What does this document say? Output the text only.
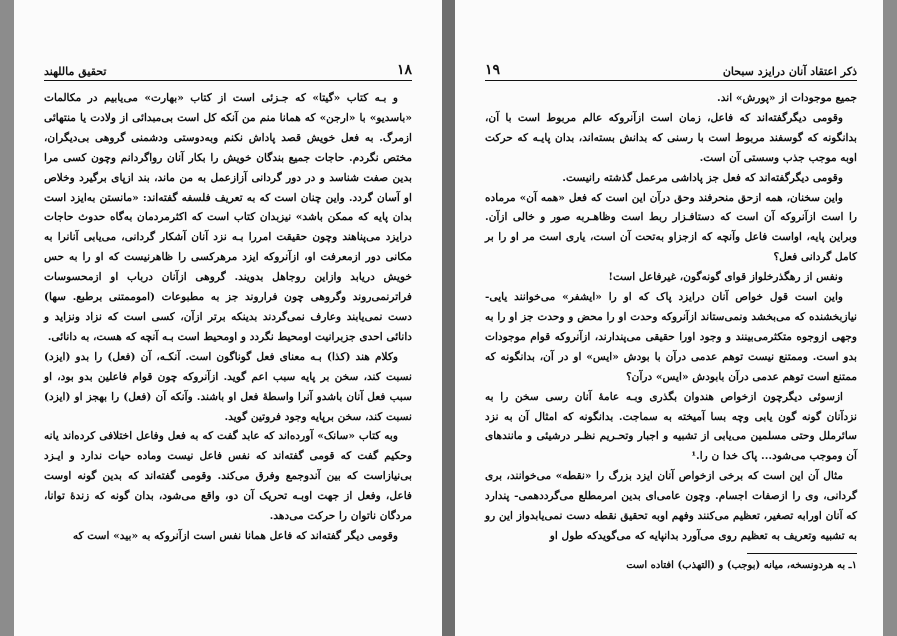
١٨
تحقیق ماللهند

و بـه کتاب «گیتا» که جـزئی است از کتاب «بهارت» می‌یابیم در مکالمات «باسدیو» با «ارجن» که همانا منم من آنکه کل است بی‌مبدائی از ولادت یا منتهائی ازمرگ. به فعل خویش قصد پاداش نکنم وبه‌دوستی ودشمنی گروهی بی‌دیگران، مختص نگردم. حاجات جمیع بندگان خویش را بکار آنان رواگردانم وچون کسی مرا بدین صفت شناسد و در دور گردانی آزازعمل به من ماند، بند ازپای برگیرد وخلاص او آسان گردد. واین چنان است که به تعریف فلسفه گفته‌اند: «مانستن به‌ایزد است بدان پایه که ممکن باشد» نیزبدان کتاب است که اکثرمردمان به‌گاه حدوث حاجات درایزد می‌پناهند وچون حقیقت امررا بـه نزد آنان آشکار گردانی، می‌یابی آنانرا به مکانی دور ازمعرفت او، ازآنروکه ایزد مرهرکسی را ظاهرنیست که او را به حس خویش دریابد وازاین روجاهل بدویند. گروهی ازآنان درباب او ازمحسوسات فراترنمی‌روند وگروهی چون فراروند جز به مطبوعات (اموممتنی برطبع. سها) دست نمی‌یابند وعارف نمی‌گردند بدینکه برتر ازآن، کسی است که نزاد ونزاید و دانائی احدی جزبرانیت اومحیط نگردد و اومحیط است بـه آنچه که هست، به دانائی.

وکلام هند (کذا) بـه معنای فعل گوناگون است. آنکـه، آن (فعل) را بدو (ایزد) نسبت کند، سخن بر پایه سبب اعم گوید. ازآنروکه چون قوام فاعلین بدو بود، او سبب فعل آنان باشدو آنرا واسطهٔ فعل او باشند. وآنکه آن (فعل) را بهجز او (ایزد) نسبت کند، سخن برپایه وجود فروتین گوید.

وبه کتاب «سانک» آورده‌اند که عابد گفت که به فعل وفاعل اختلافی کرده‌اند یانه وحکیم گفت که قومی گفته‌اند که نفس فاعل نیست وماده حیات ندارد و ایـزد بی‌نیازاست که بین آندوجمع وفرق می‌کند. وقومی گفته‌اند که بدین گونه اوست فاعل، وفعل از جهت اوبـه تحریک آن دو، واقع می‌شود، بدان گونه که زندهٔ توانا، مردگان ناتوان را حرکت می‌دهد.

وقومی دیگر گفته‌اند که فاعل همانا نفس است ازآنروکه به «بید» است که

ذکر اعتقاد آنان درایزد سبحان
١٩

جمیع موجودات از «پورش» اند.

وقومی دیگرگفته‌اند که فاعل، زمان است ازآنروکه عالم مربوط است با آن، بدانگونه که گوسفند مربوط است با رسنی که بدانش بسته‌اند، بدان پایـه که حرکت اوبه موجب جذب وسستی آن است.

وقومی دیگرگفته‌اند که فعل جز پاداشی مرعمل گذشته رانیست.

واین سخنان، همه ازحق منحرفند وحق درآن این است که فعل «همه آن» مرماده را است ازآنروکه آن است که دستافـزار ربط است وظاهـربه صور و خالی ازآن. وبراین پایه، اواست فاعل وآنچه که ازجزاو به‌تحت آن است، یاری است مر او را بر کامل گردانی فعل؟

ونفس از رهگذرخلواز قوای گونه‌گون، غیرفاعل است!

واین است قول خواص آنان درایزد پاک که او را «ایشفر» می‌خوانند یایی- نیازبخشنده که می‌بخشد ونمی‌ستاند ازآنروکه وحدت او را محض و وحدت جز او را به وجهی ازوجوه متکثرمی‌بینند و وجود اورا حقیقی می‌پندارند، ازآنروکه قوام موجودات بدو است. وممتنع نیست توهم عدمی درآن با بودش «ایس» او در آن، بدانگونه که ممتنع است توهم عدمی درآن بابودش «ایس» درآن؟

ازسوئی دیگرچون ازخواص هندوان بگذری وبـه عامهٔ آنان رسی سخن را به نزدآنان گونه گون یابی وچه بسا آمیخته به سماجت. بدانگونه که امثال آن به نزد سائرملل وحتی مسلمین می‌یابی از تشبیه و اجبار وتحـریم نظـر درشیئی و مانندهای آن وموجب می‌شود... پاک خدا ن را.¹

مثال آن این است که برخی ازخواص آنان ایزد بزرگ را «نقطه» می‌خوانند، بری گردانی، وی را ازصفات اجسام. وچون عامی‌ای بدین امرمطلع می‌گرددهمی- پندارد که آنان اورابه تصغیر، تعظیم می‌کنند وفهم اوبه تحقیق نقطه دست نمی‌یابدواز این رو به تشبیه وتعریف به تعظیم روی می‌آورد بدانپایه که می‌گویدکه طول او

۱ـ به هردونسخه، میانه (بوجب) و (التهذب) افتاده است
